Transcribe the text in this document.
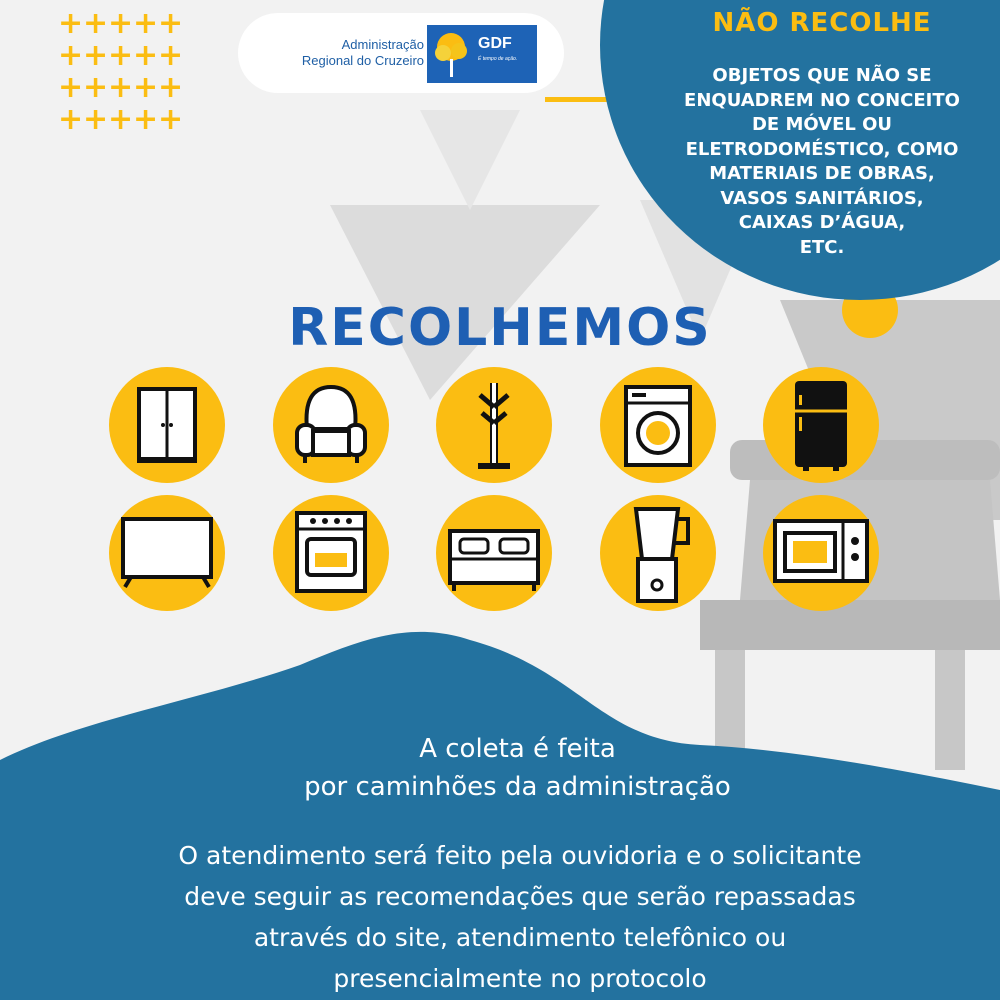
+++++ +++++ +++++ +++++
Administração
Regional do Cruzeiro
GDF
É tempo de ação.
NÃO RECOLHE
OBJETOS QUE NÃO SE
ENQUADREM NO CONCEITO
DE MÓVEL OU
ELETRODOMÉSTICO, COMO
MATERIAIS DE OBRAS,
VASOS SANITÁRIOS,
CAIXAS D’ÁGUA,
ETC.
RECOLHEMOS
A coleta é feita
por caminhões da administração
O atendimento será feito pela ouvidoria e o solicitante
deve seguir as recomendações que serão repassadas
através do site, atendimento telefônico ou
presencialmente no protocolo
